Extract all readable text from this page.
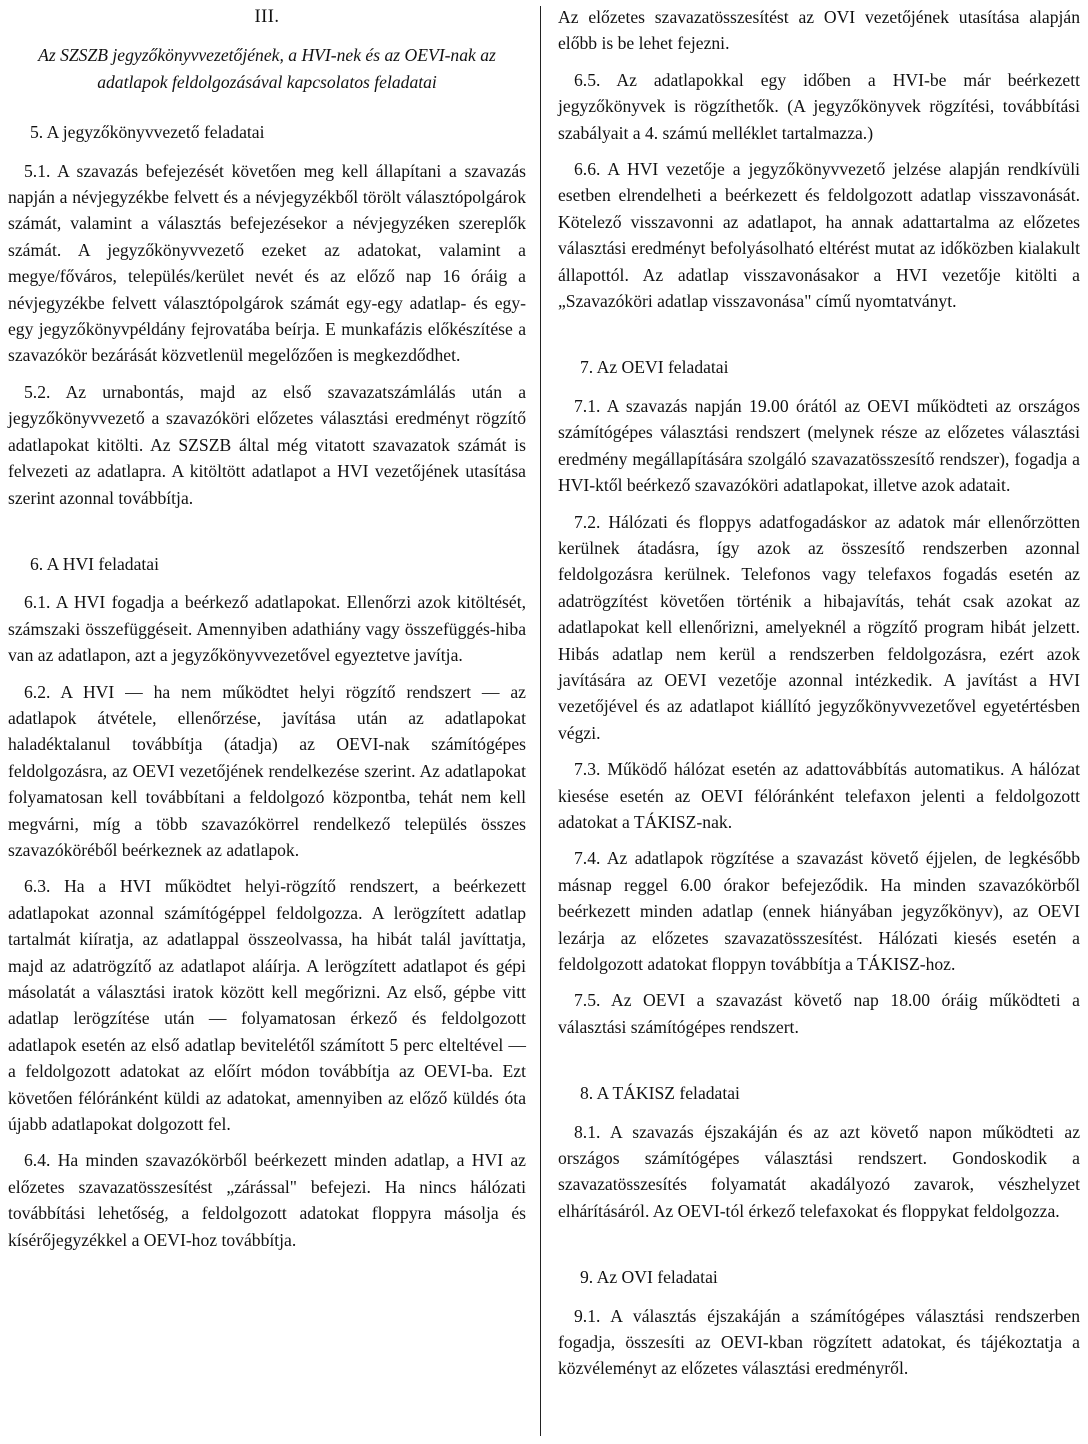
III.

Az SZSZB jegyzőkönyvvezetőjének, a HVI-nek és az OEVI-nak az adatlapok feldolgozásával kapcsolatos feladatai

5. A jegyzőkönyvvezető feladatai

5.1. A szavazás befejezését követően meg kell állapítani a szavazás napján a névjegyzékbe felvett és a névjegyzékből törölt választópolgárok számát, valamint a választás befejezésekor a névjegyzéken szereplők számát. A jegyzőkönyvvezető ezeket az adatokat, valamint a megye/főváros, település/kerület nevét és az előző nap 16 óráig a névjegyzékbe felvett választópolgárok számát egy-egy adatlap- és egy-egy jegyzőkönyvpéldány fejrovatába beírja. E munkafázis előkészítése a szavazókör bezárását közvetlenül megelőzően is megkezdődhet.

5.2. Az urnabontás, majd az első szavazatszámlálás után a jegyzőkönyvvezető a szavazóköri előzetes választási eredményt rögzítő adatlapokat kitölti. Az SZSZB által még vitatott szavazatok számát is felvezeti az adatlapra. A kitöltött adatlapot a HVI vezetőjének utasítása szerint azonnal továbbítja.

6. A HVI feladatai

6.1. A HVI fogadja a beérkező adatlapokat. Ellenőrzi azok kitöltését, számszaki összefüggéseit. Amennyiben adathiány vagy összefüggés-hiba van az adatlapon, azt a jegyzőkönyvvezetővel egyeztetve javítja.

6.2. A HVI — ha nem működtet helyi rögzítő rendszert — az adatlapok átvétele, ellenőrzése, javítása után az adatlapokat haladéktalanul továbbítja (átadja) az OEVI-nak számítógépes feldolgozásra, az OEVI vezetőjének rendelkezése szerint. Az adatlapokat folyamatosan kell továbbítani a feldolgozó központba, tehát nem kell megvárni, míg a több szavazókörrel rendelkező település összes szavazóköréből beérkeznek az adatlapok.

6.3. Ha a HVI működtet helyi-rögzítő rendszert, a beérkezett adatlapokat azonnal számítógéppel feldolgozza. A lerögzített adatlap tartalmát kiíratja, az adatlappal összeolvassa, ha hibát talál javíttatja, majd az adatrögzítő az adatlapot aláírja. A lerögzített adatlapot és gépi másolatát a választási iratok között kell megőrizni. Az első, gépbe vitt adatlap lerögzítése után — folyamatosan érkező és feldolgozott adatlapok esetén az első adatlap bevitelétől számított 5 perc elteltével — a feldolgozott adatokat az előírt módon továbbítja az OEVI-ba. Ezt követően félóránként küldi az adatokat, amennyiben az előző küldés óta újabb adatlapokat dolgozott fel.

6.4. Ha minden szavazókörből beérkezett minden adatlap, a HVI az előzetes szavazatösszesítést „zárással" befejezi. Ha nincs hálózati továbbítási lehetőség, a feldolgozott adatokat floppyra másolja és kísérőjegyzékkel a OEVI-hoz továbbítja.

Az előzetes szavazatösszesítést az OVI vezetőjének utasítása alapján előbb is be lehet fejezni.

6.5. Az adatlapokkal egy időben a HVI-be már beérkezett jegyzőkönyvek is rögzíthetők. (A jegyzőkönyvek rögzítési, továbbítási szabályait a 4. számú melléklet tartalmazza.)

6.6. A HVI vezetője a jegyzőkönyvvezető jelzése alapján rendkívüli esetben elrendelheti a beérkezett és feldolgozott adatlap visszavonását. Kötelező visszavonni az adatlapot, ha annak adattartalma az előzetes választási eredményt befolyásolható eltérést mutat az időközben kialakult állapottól. Az adatlap visszavonásakor a HVI vezetője kitölti a „Szavazóköri adatlap visszavonása" című nyomtatványt.

7. Az OEVI feladatai

7.1. A szavazás napján 19.00 órától az OEVI működteti az országos számítógépes választási rendszert (melynek része az előzetes választási eredmény megállapítására szolgáló szavazatösszesítő rendszer), fogadja a HVI-ktől beérkező szavazóköri adatlapokat, illetve azok adatait.

7.2. Hálózati és floppys adatfogadáskor az adatok már ellenőrzötten kerülnek átadásra, így azok az összesítő rendszerben azonnal feldolgozásra kerülnek. Telefonos vagy telefaxos fogadás esetén az adatrögzítést követően történik a hibajavítás, tehát csak azokat az adatlapokat kell ellenőrizni, amelyeknél a rögzítő program hibát jelzett. Hibás adatlap nem kerül a rendszerben feldolgozásra, ezért azok javítására az OEVI vezetője azonnal intézkedik. A javítást a HVI vezetőjével és az adatlapot kiállító jegyzőkönyvvezetővel egyetértésben végzi.

7.3. Működő hálózat esetén az adattovábbítás automatikus. A hálózat kiesése esetén az OEVI félóránként telefaxon jelenti a feldolgozott adatokat a TÁKISZ-nak.

7.4. Az adatlapok rögzítése a szavazást követő éjjelen, de legkésőbb másnap reggel 6.00 órakor befejeződik. Ha minden szavazókörből beérkezett minden adatlap (ennek hiányában jegyzőkönyv), az OEVI lezárja az előzetes szavazatösszesítést. Hálózati kiesés esetén a feldolgozott adatokat floppyn továbbítja a TÁKISZ-hoz.

7.5. Az OEVI a szavazást követő nap 18.00 óráig működteti a választási számítógépes rendszert.

8. A TÁKISZ feladatai

8.1. A szavazás éjszakáján és az azt követő napon működteti az országos számítógépes választási rendszert. Gondoskodik a szavazatösszesítés folyamatát akadályozó zavarok, vészhelyzet elhárításáról. Az OEVI-tól érkező telefaxokat és floppykat feldolgozza.

9. Az OVI feladatai

9.1. A választás éjszakáján a számítógépes választási rendszerben fogadja, összesíti az OEVI-kban rögzített adatokat, és tájékoztatja a közvéleményt az előzetes választási eredményről.
